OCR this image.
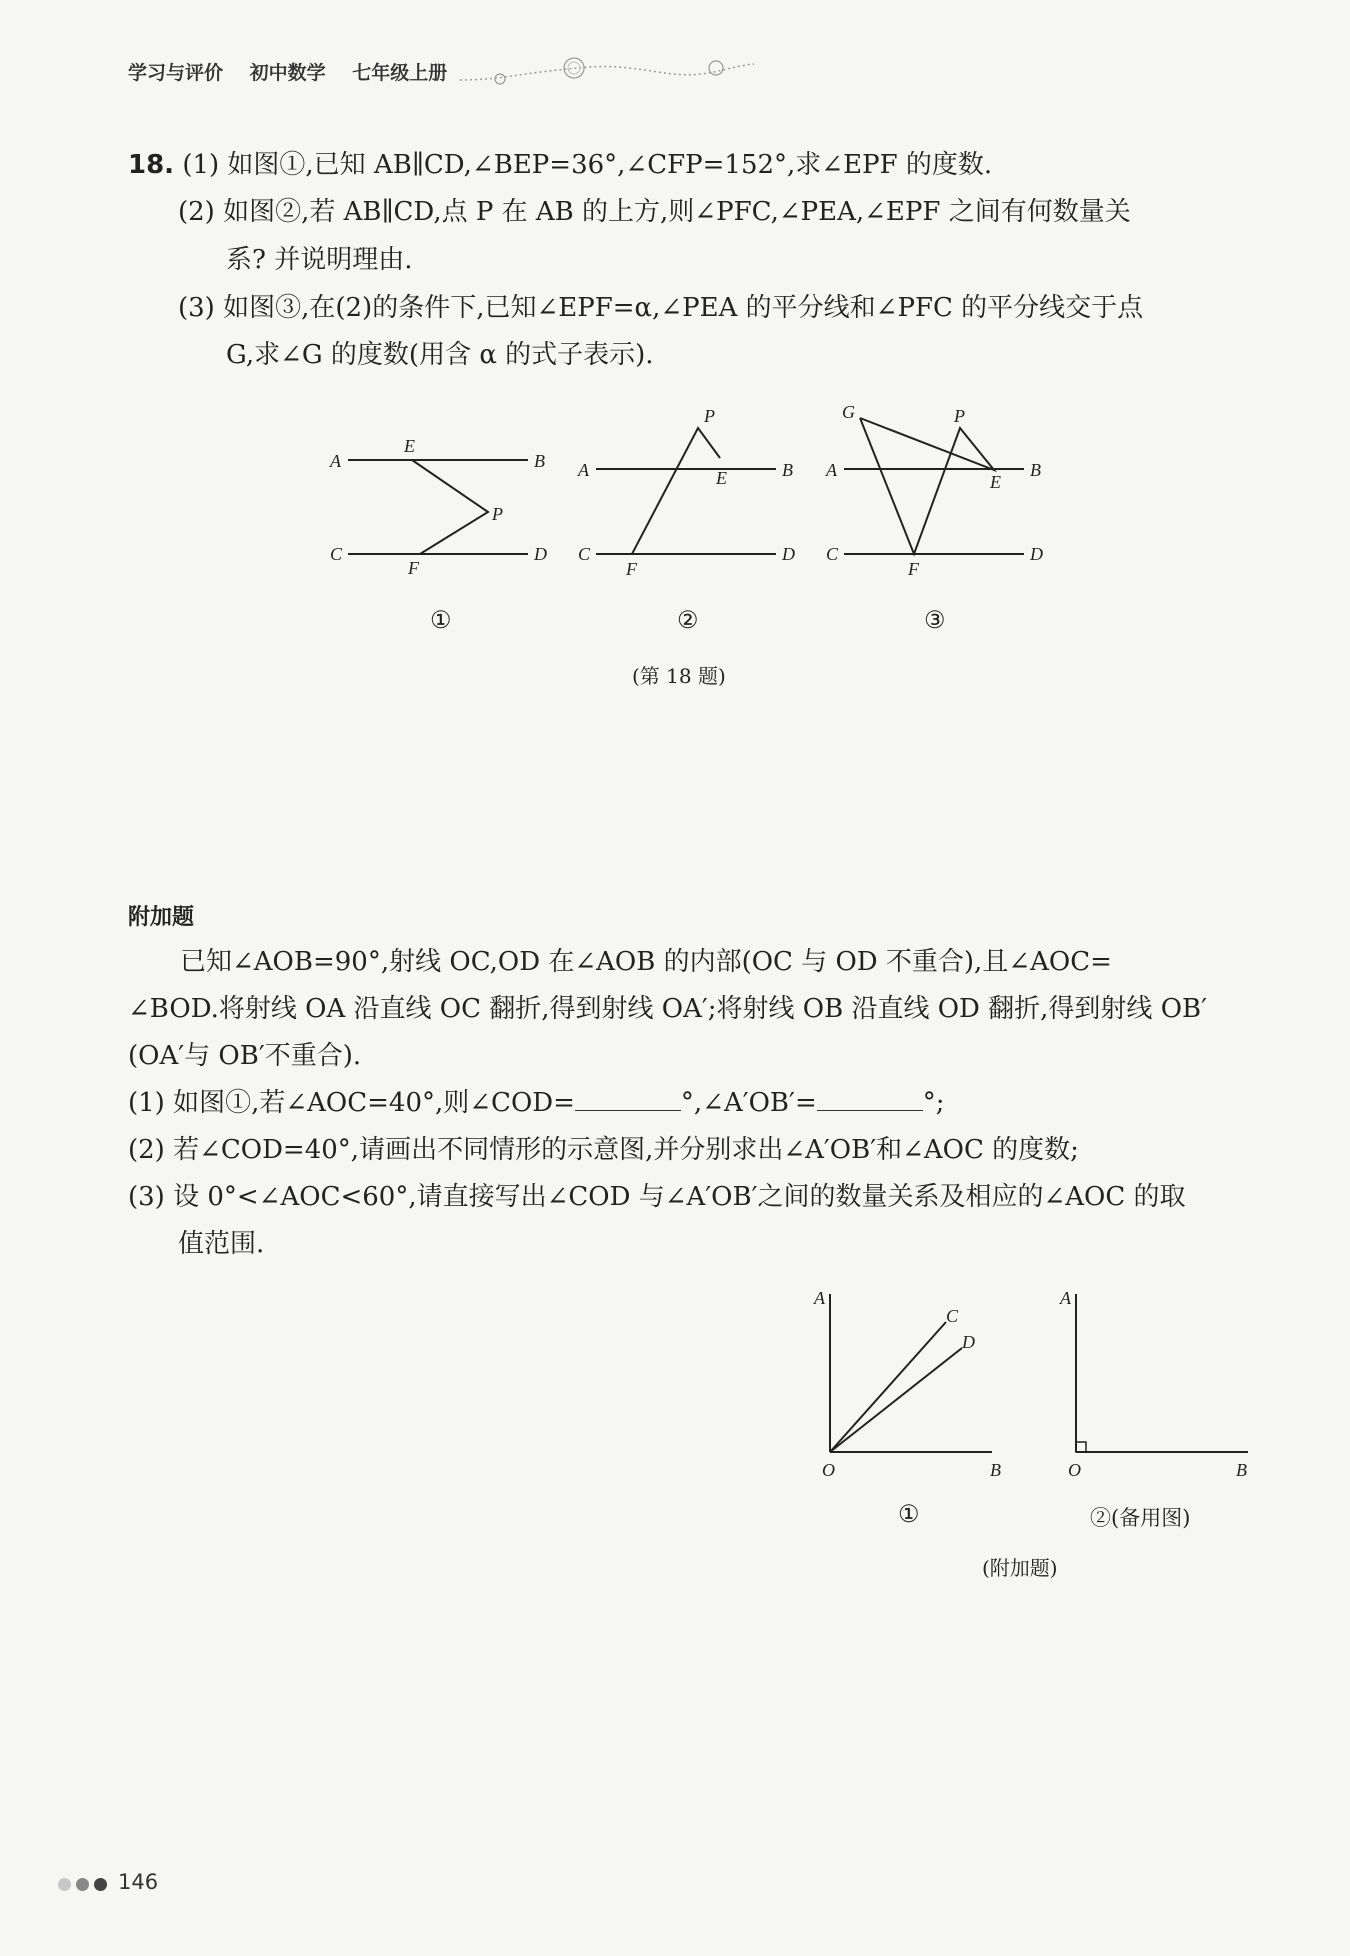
学习与评价 初中数学 七年级上册
18. (1) 如图①,已知 AB∥CD,∠BEP=36°,∠CFP=152°,求∠EPF 的度数.
(2) 如图②,若 AB∥CD,点 P 在 AB 的上方,则∠PFC,∠PEA,∠EPF 之间有何数量关
系? 并说明理由.
(3) 如图③,在(2)的条件下,已知∠EPF=α,∠PEA 的平分线和∠PFC 的平分线交于点
G,求∠G 的度数(用含 α 的式子表示).
A	B
E
P
C	D
F
A	B
P
E
C	D
F
G	P
A	B
E
C	D
F
①	②	③
(第 18 题)
附加题
已知∠AOB=90°,射线 OC,OD 在∠AOB 的内部(OC 与 OD 不重合),且∠AOC=
∠BOD.将射线 OA 沿直线 OC 翻折,得到射线 OA′;将射线 OB 沿直线 OD 翻折,得到射线 OB′
(OA′与 OB′不重合).
(1) 如图①,若∠AOC=40°,则∠COD=	°,∠A′OB′=	°;
(2) 若∠COD=40°,请画出不同情形的示意图,并分别求出∠A′OB′和∠AOC 的度数;
(3) 设 0°<∠AOC<60°,请直接写出∠COD 与∠A′OB′之间的数量关系及相应的∠AOC 的取
值范围.
A
C
D
O	B
A
O	B
①	②(备用图)
(附加题)
146
